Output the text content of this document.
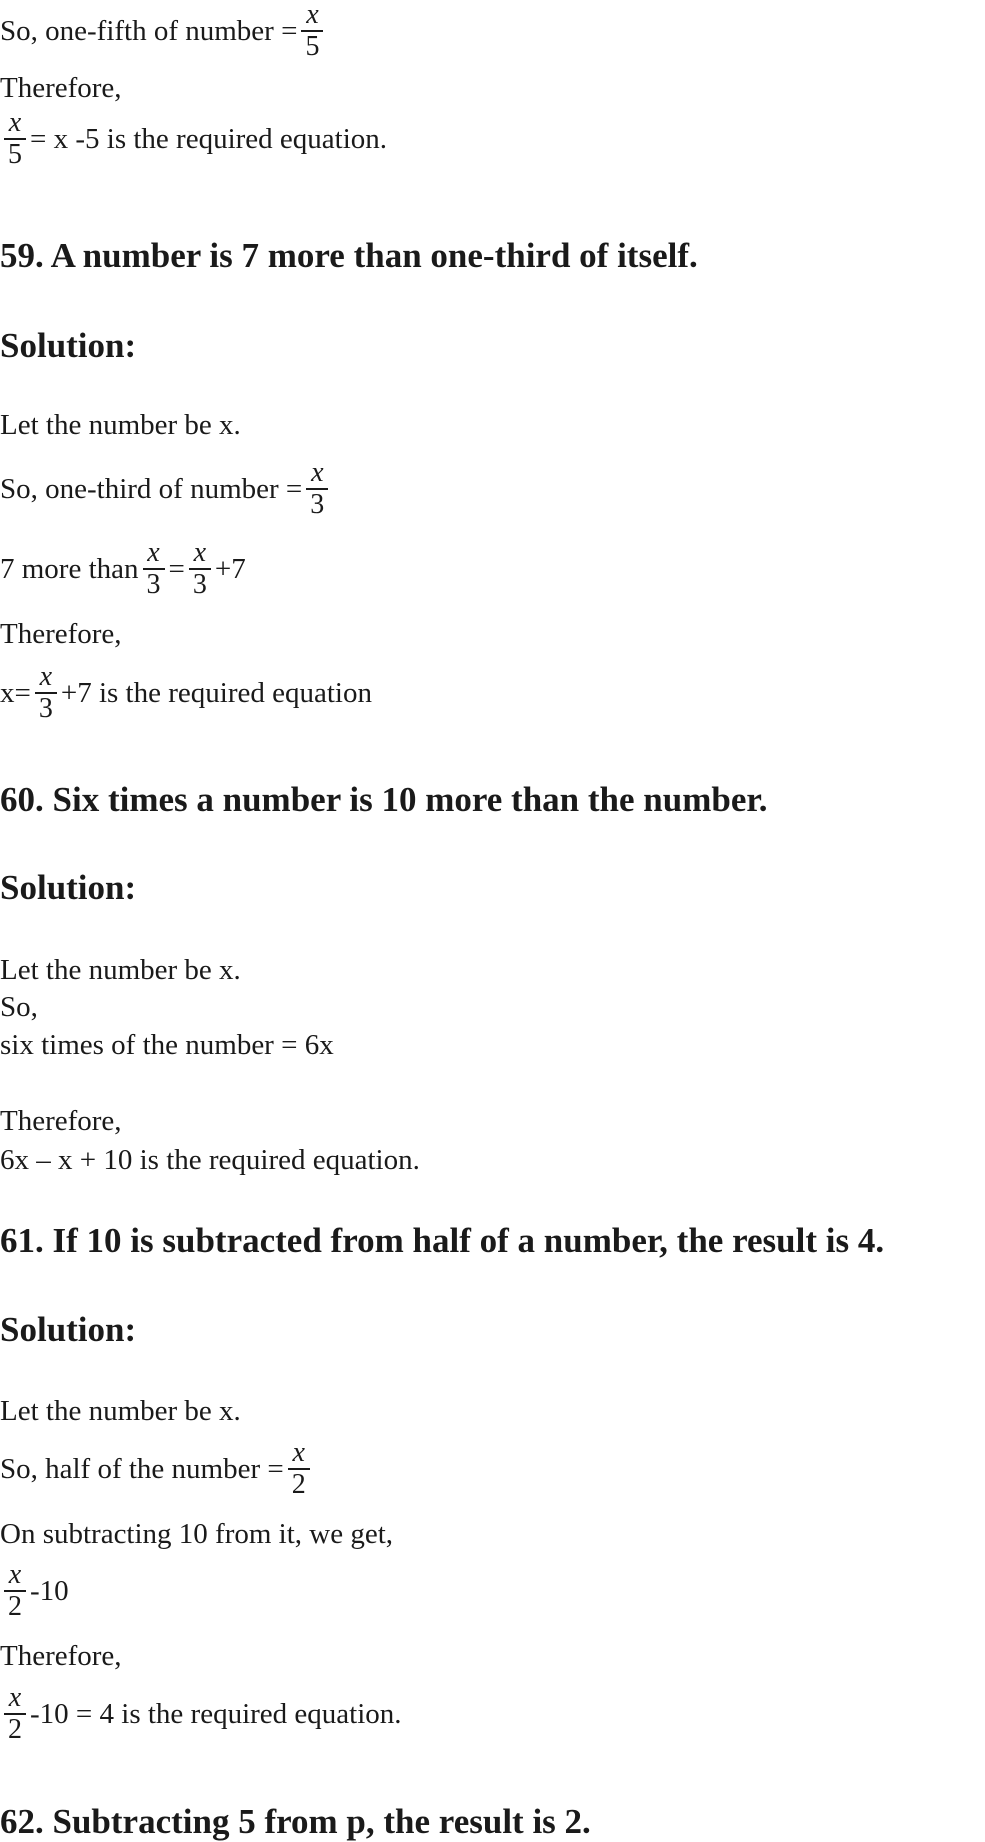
So, one-fifth of number = $\frac{x}{5}$
Therefore,
$\frac{x}{5} = x$ -5 is the required equation.
59. A number is 7 more than one-third of itself.
Solution:
Let the number be x.
So, one-third of number = $\frac{x}{3}$
7 more than $\frac{x}{3} = \frac{x}{3} +7$
Therefore,
$x= \frac{x}{3} +7$ is the required equation
60. Six times a number is 10 more than the number.
Solution:
Let the number be x.
So,
six times of the number = 6x
Therefore,
6x – x + 10 is the required equation.
61. If 10 is subtracted from half of a number, the result is 4.
Solution:
Let the number be x.
So, half of the number = $\frac{x}{2}$
On subtracting 10 from it, we get,
$\frac{x}{2} -10$
Therefore,
$\frac{x}{2} -10 = 4$ is the required equation.
62. Subtracting 5 from p, the result is 2.
